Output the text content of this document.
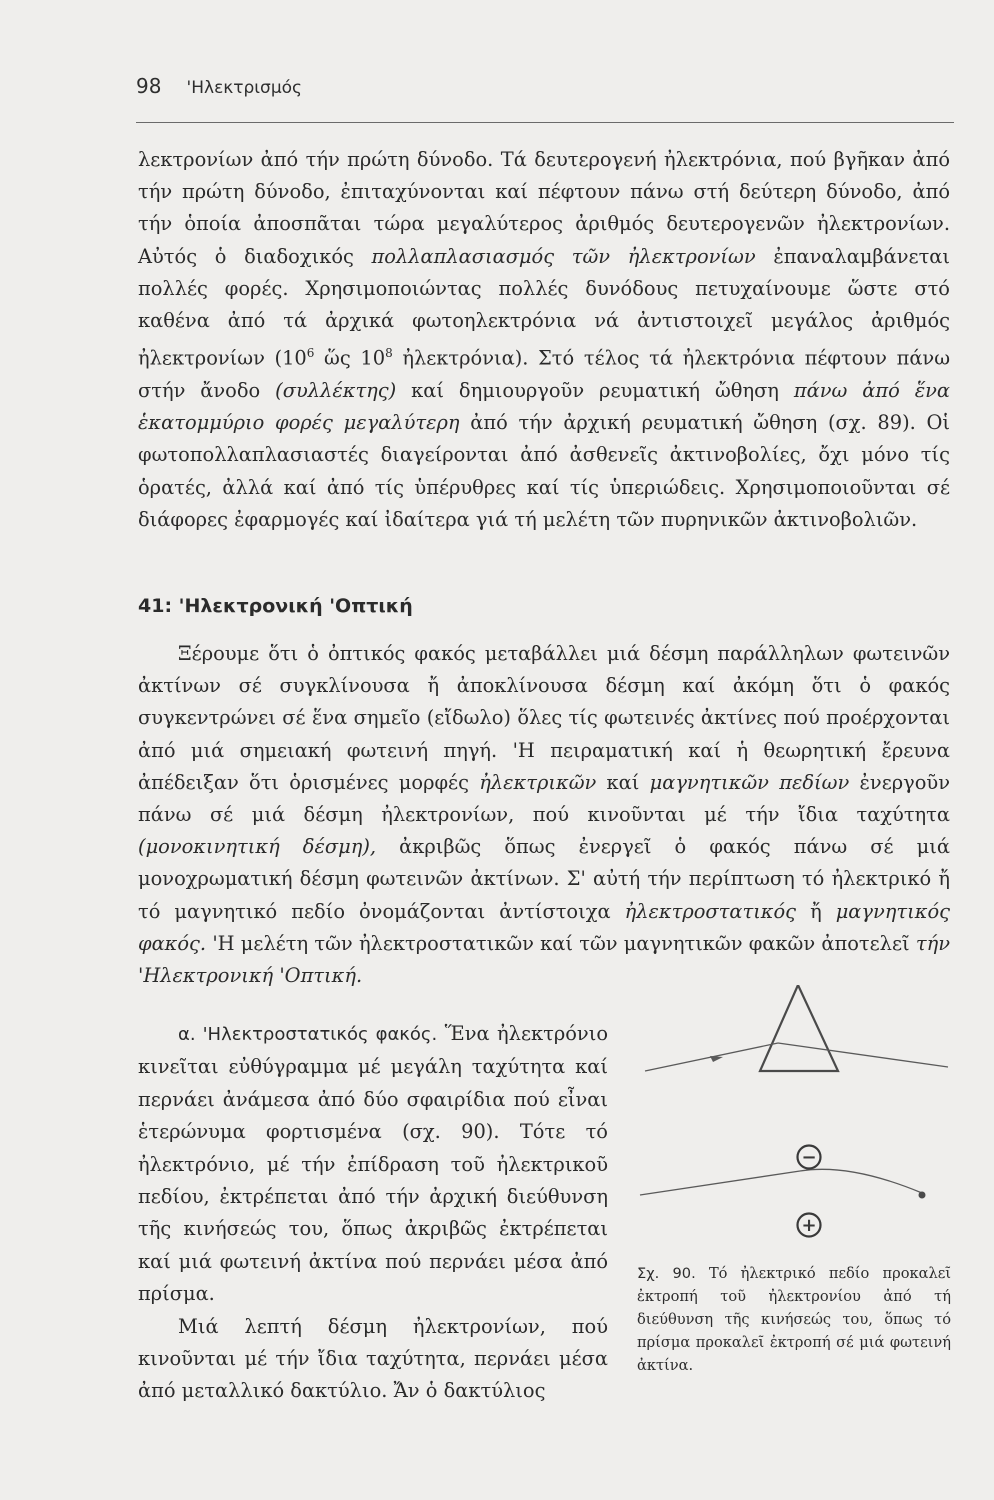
98 'Ηλεκτρισμός

λεκτρονίων ἀπό τήν πρώτη δύνοδο. Τά δευτερογενή ἠλεκτρόνια, πού βγῆκαν ἀπό τήν πρώτη δύνοδο, ἐπιταχύνονται καί πέφτουν πάνω στή δεύτερη δύνοδο, ἀπό τήν ὁποία ἀποσπᾶται τώρα μεγαλύτερος ἀριθμός δευτερογενῶν ἠλεκτρονίων. Αὐτός ὁ διαδοχικός πολλαπλασιασμός τῶν ἠλεκτρονίων ἐπαναλαμβάνεται πολλές φορές. Χρησιμοποιώντας πολλές δυνόδους πετυχαίνουμε ὥστε στό καθένα ἀπό τά ἀρχικά φωτοηλεκτρόνια νά ἀντιστοιχεῖ μεγάλος ἀριθμός ἠλεκτρονίων ($10^6$ ὥς $10^8$ ἠλεκτρόνια). Στό τέλος τά ἠλεκτρόνια πέφτουν πάνω στήν ἄνοδο (συλλέκτης) καί δημιουργοῦν ρευματική ὤθηση πάνω ἀπό ἕνα ἑκατομμύριο φορές μεγαλύτερη ἀπό τήν ἀρχική ρευματική ὤθηση (σχ. 89). Οἱ φωτοπολλαπλασιαστές διαγείρονται ἀπό ἀσθενεῖς ἀκτινοβολίες, ὄχι μόνο τίς ὁρατές, ἀλλά καί ἀπό τίς ὑπέρυθρες καί τίς ὑπεριώδεις. Χρησιμοποιοῦνται σέ διάφορες ἐφαρμογές καί ἰδαίτερα γιά τή μελέτη τῶν πυρηνικῶν ἀκτινοβολιῶν.

41: 'Ηλεκτρονική 'Οπτική

Ξέρουμε ὅτι ὁ ὀπτικός φακός μεταβάλλει μιά δέσμη παράλληλων φωτεινῶν ἀκτίνων σέ συγκλίνουσα ἤ ἀποκλίνουσα δέσμη καί ἀκόμη ὅτι ὁ φακός συγκεντρώνει σέ ἕνα σημεῖο (εἴδωλο) ὅλες τίς φωτεινές ἀκτίνες πού προέρχονται ἀπό μιά σημειακή φωτεινή πηγή. 'Η πειραματική καί ἡ θεωρητική ἔρευνα ἀπέδειξαν ὅτι ὁρισμένες μορφές ἠλεκτρικῶν καί μαγνητικῶν πεδίων ἐνεργοῦν πάνω σέ μιά δέσμη ἠλεκτρονίων, πού κινοῦνται μέ τήν ἴδια ταχύτητα (μονοκινητική δέσμη), ἀκριβῶς ὅπως ἐνεργεῖ ὁ φακός πάνω σέ μιά μονοχρωματική δέσμη φωτεινῶν ἀκτίνων. Σ' αὐτή τήν περίπτωση τό ἠλεκτρικό ἤ τό μαγνητικό πεδίο ὀνομάζονται ἀντίστοιχα ἠλεκτροστατικός ἤ μαγνητικός φακός. 'Η μελέτη τῶν ἠλεκτροστατικῶν καί τῶν μαγνητικῶν φακῶν ἀποτελεῖ τήν 'Ηλεκτρονική 'Οπτική.

α. 'Ηλεκτροστατικός φακός. Ἕνα ἠλεκτρόνιο κινεῖται εὐθύγραμμα μέ μεγάλη ταχύτητα καί περνάει ἀνάμεσα ἀπό δύο σφαιρίδια πού εἶναι ἑτερώνυμα φορτισμένα (σχ. 90). Τότε τό ἠλεκτρόνιο, μέ τήν ἐπίδραση τοῦ ἠλεκτρικοῦ πεδίου, ἐκτρέπεται ἀπό τήν ἀρχική διεύθυνση τῆς κινήσεώς του, ὅπως ἀκριβῶς ἐκτρέπεται καί μιά φωτεινή ἀκτίνα πού περνάει μέσα ἀπό πρίσμα.

Μιά λεπτή δέσμη ἠλεκτρονίων, πού κινοῦνται μέ τήν ἴδια ταχύτητα, περνάει μέσα ἀπό μεταλλικό δακτύλιο. Ἄν ὁ δακτύλιος

−
+
Σχ. 90. Τό ἠλεκτρικό πεδίο προκαλεῖ ἐκτροπή τοῦ ἠλεκτρονίου ἀπό τή διεύθυνση τῆς κινήσεώς του, ὅπως τό πρίσμα προκαλεῖ ἐκτροπή σέ μιά φωτεινή ἀκτίνα.
